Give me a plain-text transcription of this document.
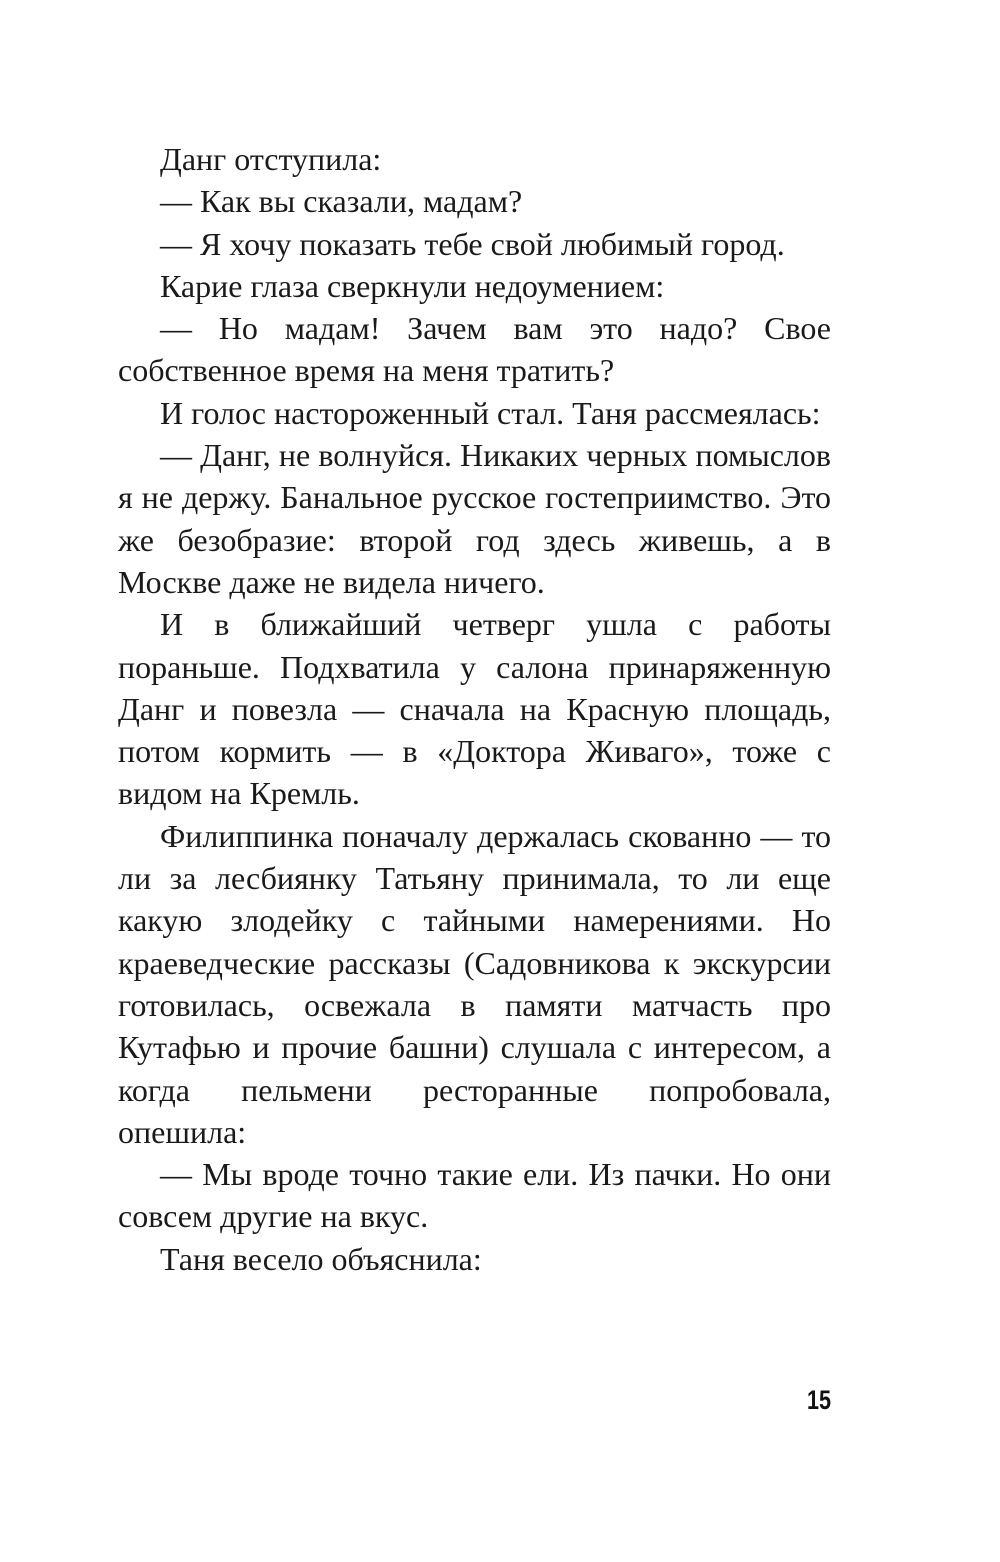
Данг отступила:

— Как вы сказали, мадам?

— Я хочу показать тебе свой любимый город.

Карие глаза сверкнули недоумением:

— Но мадам! Зачем вам это надо? Свое собственное время на меня тратить?

И голос настороженный стал. Таня рассмеялась:

— Данг, не волнуйся. Никаких черных помыслов я не держу. Банальное русское гостеприимство. Это же безобразие: второй год здесь живешь, а в Москве даже не видела ничего.

И в ближайший четверг ушла с работы пораньше. Подхватила у салона принаряженную Данг и повезла — сначала на Красную площадь, потом кормить — в «Доктора Живаго», тоже с видом на Кремль.

Филиппинка поначалу держалась скованно — то ли за лесбиянку Татьяну принимала, то ли еще какую злодейку с тайными намерениями. Но краеведческие рассказы (Садовникова к экскурсии готовилась, освежала в памяти матчасть про Кутафью и прочие башни) слушала с интересом, а когда пельмени ресторанные попробовала, опешила:

— Мы вроде точно такие ели. Из пачки. Но они совсем другие на вкус.

Таня весело объяснила:

15
